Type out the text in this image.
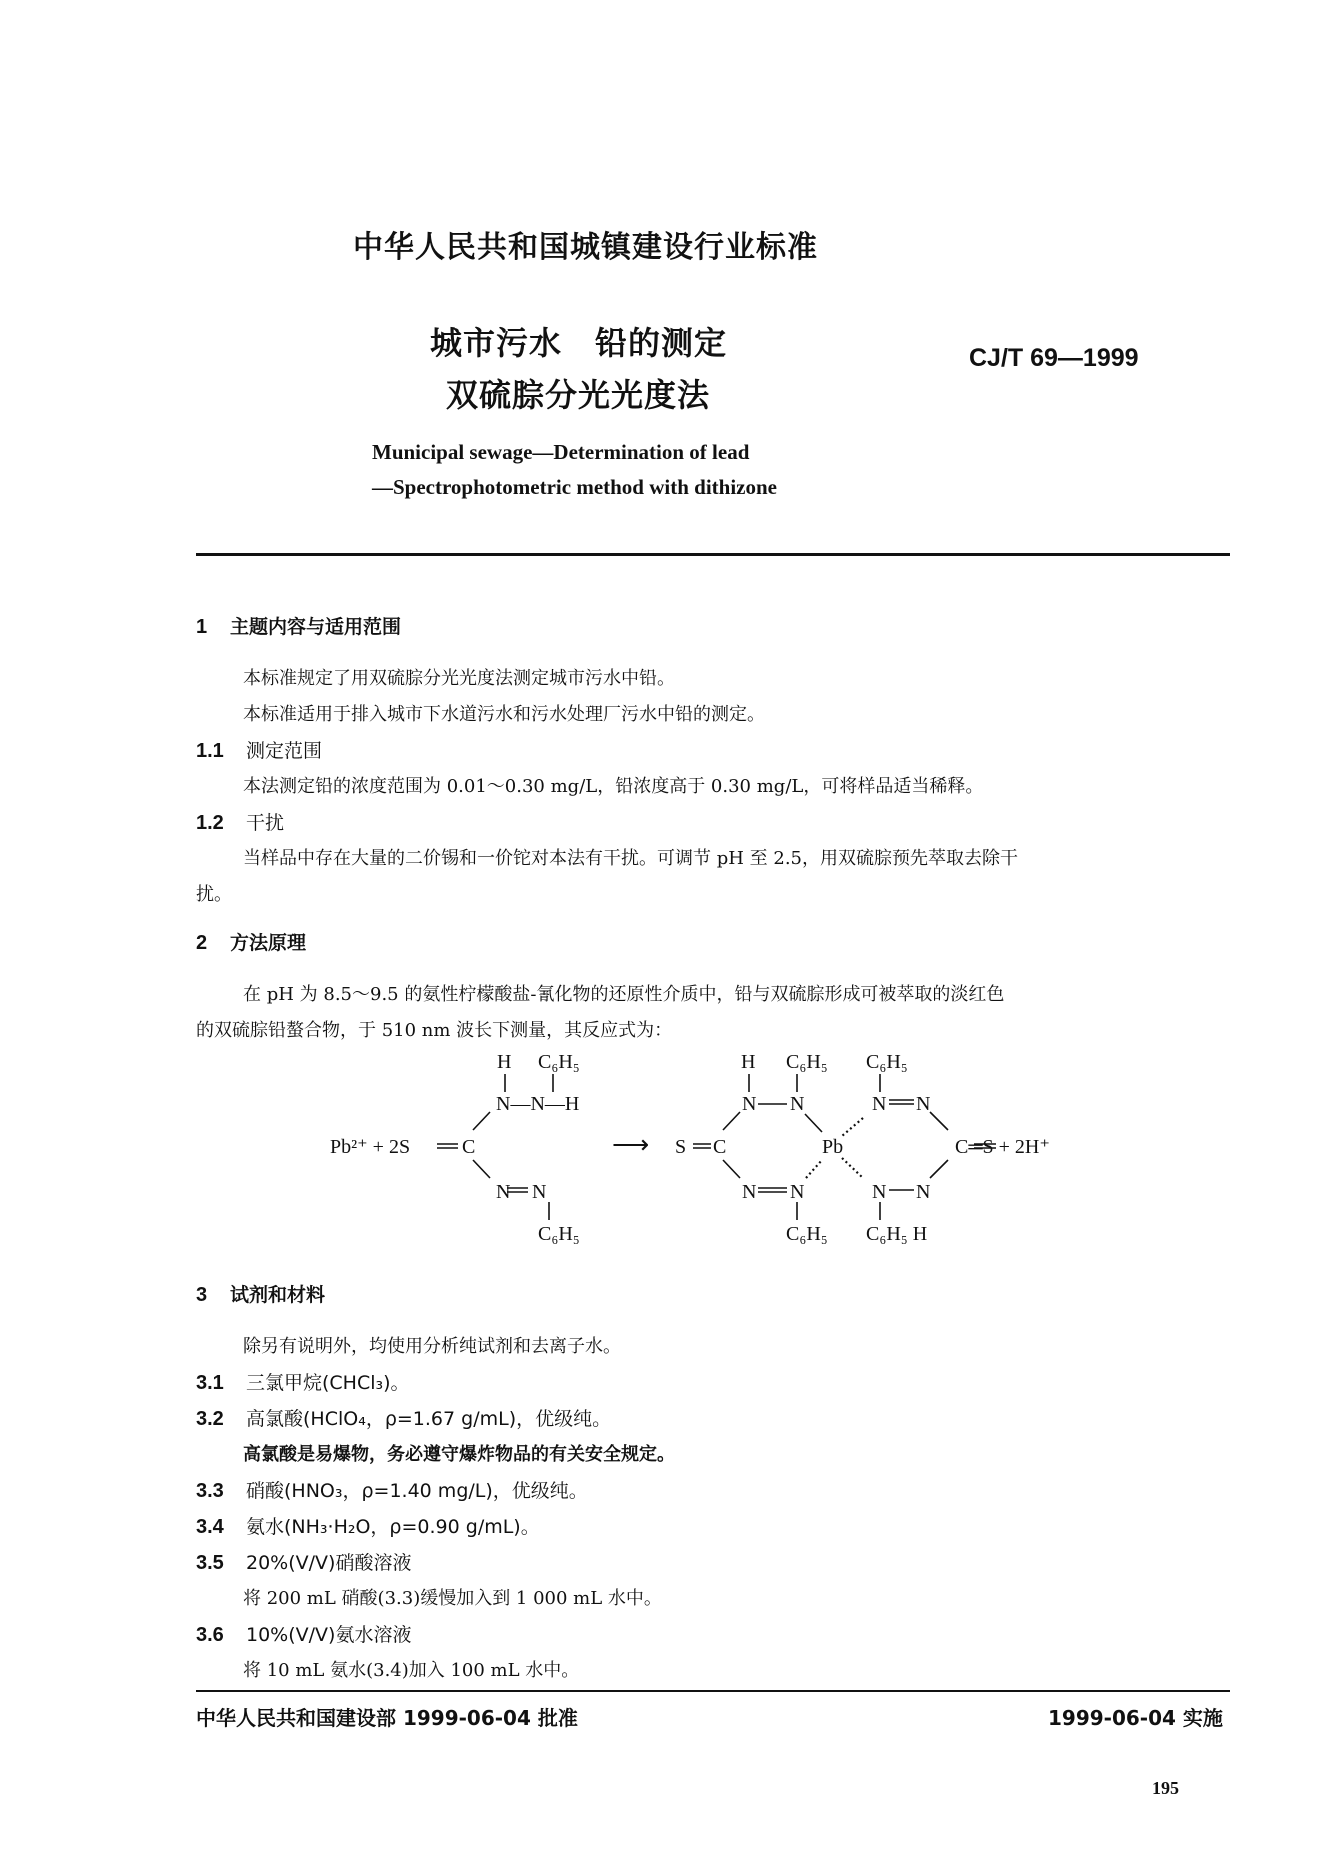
中华人民共和国城镇建设行业标准
城市污水　铅的测定
双硫腙分光光度法
CJ/T 69—1999
Municipal sewage—Determination of lead
—Spectrophotometric method with dithizone
1 主题内容与适用范围
本标准规定了用双硫腙分光光度法测定城市污水中铅。
本标准适用于排入城市下水道污水和污水处理厂污水中铅的测定。
1.1 测定范围
本法测定铅的浓度范围为 0.01～0.30 mg/L，铅浓度高于 0.30 mg/L，可将样品适当稀释。
1.2 干扰
当样品中存在大量的二价锡和一价铊对本法有干扰。可调节 pH 至 2.5，用双硫腙预先萃取去除干
扰。
2 方法原理
在 pH 为 8.5～9.5 的氨性柠檬酸盐-氰化物的还原性介质中，铅与双硫腙形成可被萃取的淡红色
的双硫腙铅螯合物，于 510 nm 波长下测量，其反应式为：
Pb²⁺ + 2S	C
H C₆H₅
N—N—H
N N
C₆H₅
⟶ S C
H C₆H₅
N N
N N
C₆H₅
Pb
C₆H₅
N N
N N
C═S + 2H⁺
C₆H₅ H
3 试剂和材料
除另有说明外，均使用分析纯试剂和去离子水。
3.1 三氯甲烷(CHCl₃)。
3.2 高氯酸(HClO₄，ρ=1.67 g/mL)，优级纯。
高氯酸是易爆物，务必遵守爆炸物品的有关安全规定。
3.3 硝酸(HNO₃，ρ=1.40 mg/L)，优级纯。
3.4 氨水(NH₃·H₂O，ρ=0.90 g/mL)。
3.5 20%(V/V)硝酸溶液
将 200 mL 硝酸(3.3)缓慢加入到 1 000 mL 水中。
3.6 10%(V/V)氨水溶液
将 10 mL 氨水(3.4)加入 100 mL 水中。
中华人民共和国建设部 1999-06-04 批准	1999-06-04 实施
195
